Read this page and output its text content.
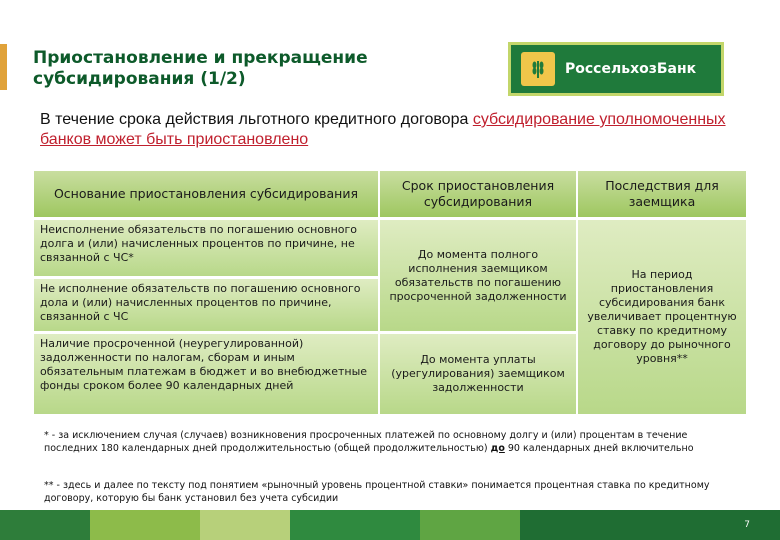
Приостановление и прекращение
субсидирования (1/2)	РоссельхозБанк
В течение срока действия льготного кредитного договора субсидирование уполномоченных банков может быть приостановлено
Основание приостановления субсидирования
Срок приостановления субсидирования
Последствия для заемщика
Неисполнение обязательств по погашению основного долга и (или) начисленных процентов по причине, не связанной с ЧС*
Не исполнение обязательств по погашению основного дола и (или) начисленных процентов по причине, связанной с ЧС
Наличие просроченной (неурегулированной) задолженности по налогам, сборам и иным обязательным платежам в бюджет и во внебюджетные фонды сроком более 90 календарных дней
До момента полного исполнения заемщиком обязательств по погашению просроченной задолженности
До момента уплаты (урегулирования) заемщиком задолженности
На период приостановления субсидирования банк увеличивает процентную ставку по кредитному договору до рыночного уровня**
* - за исключением случая (случаев) возникновения просроченных платежей по основному долгу и (или) процентам в течение последних 180 календарных дней продолжительностью (общей продолжительностью) до 90 календарных дней включительно
** - здесь и далее по тексту под понятием «рыночный уровень процентной ставки» понимается процентная ставка по кредитному договору, которую бы банк установил без учета субсидии
7
